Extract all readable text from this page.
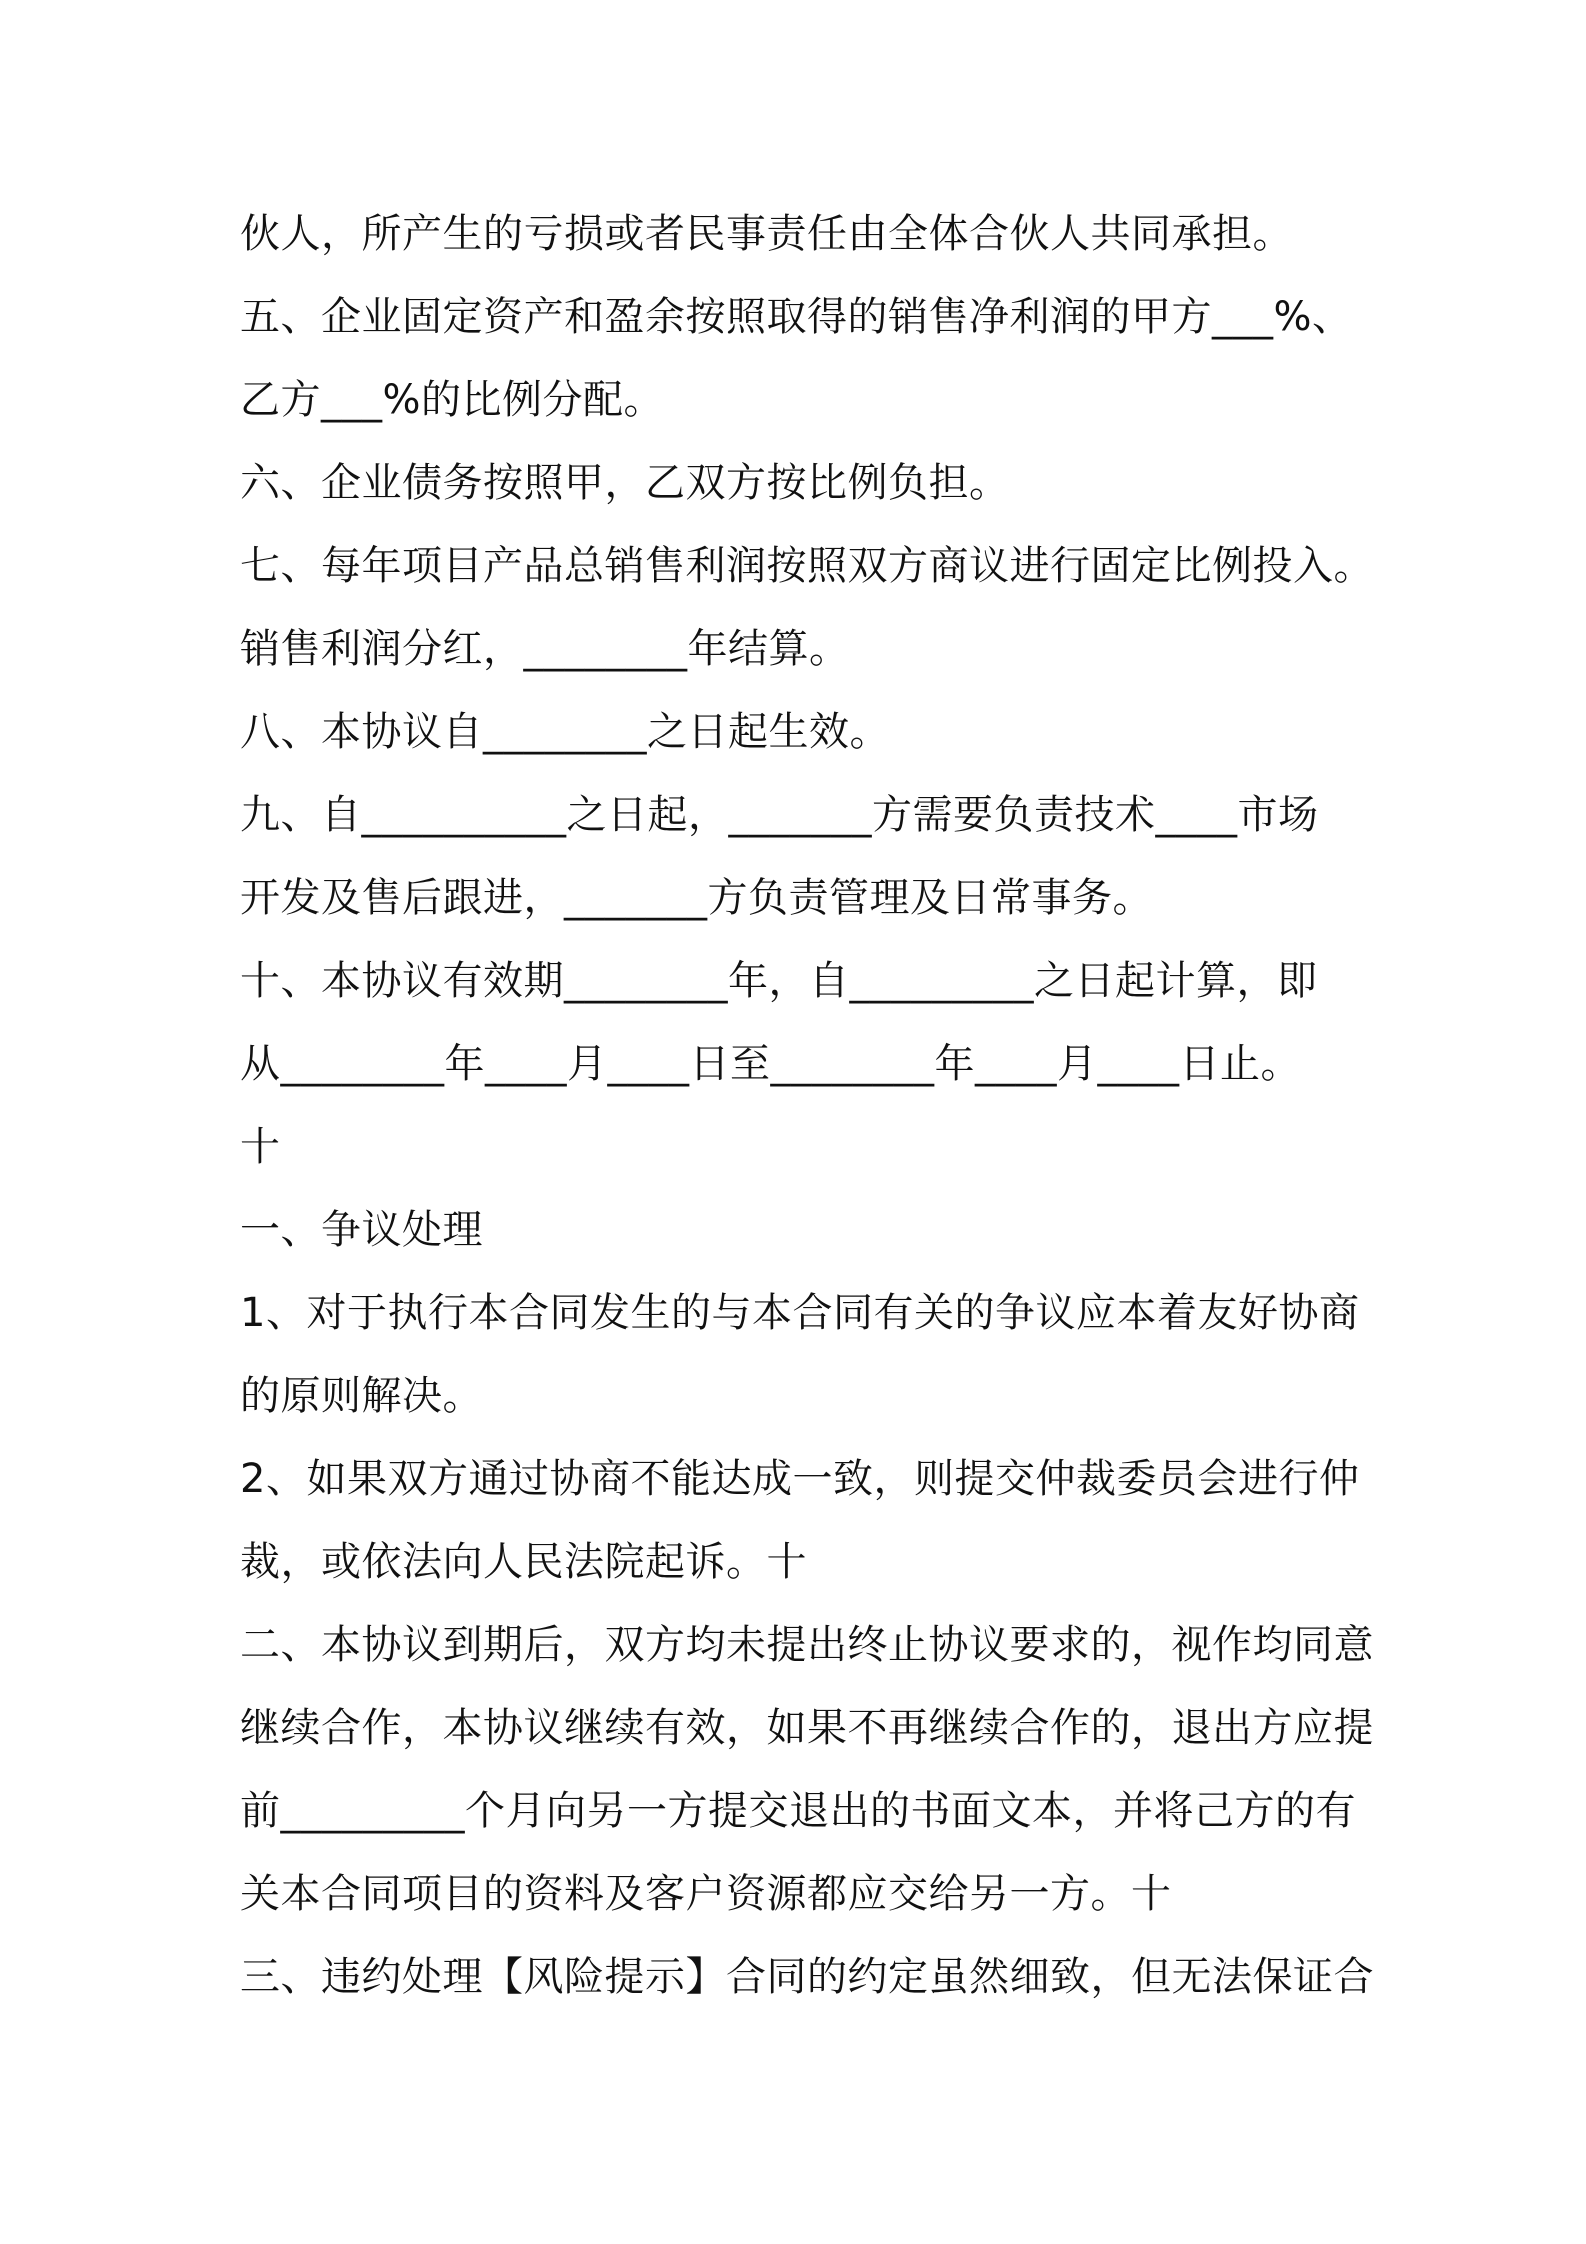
伙人，所产生的亏损或者民事责任由全体合伙人共同承担。
五、企业固定资产和盈余按照取得的销售净利润的甲方___%、
乙方___%的比例分配。
六、企业债务按照甲，乙双方按比例负担。
七、每年项目产品总销售利润按照双方商议进行固定比例投入。
销售利润分红，________年结算。
八、本协议自________之日起生效。
九、自__________之日起，_______方需要负责技术____市场
开发及售后跟进，_______方负责管理及日常事务。
十、本协议有效期________年，自_________之日起计算，即
从________年____月____日至________年____月____日止。
十
一、争议处理
1、对于执行本合同发生的与本合同有关的争议应本着友好协商
的原则解决。
2、如果双方通过协商不能达成一致，则提交仲裁委员会进行仲
裁，或依法向人民法院起诉。十
二、本协议到期后，双方均未提出终止协议要求的，视作均同意
继续合作，本协议继续有效，如果不再继续合作的，退出方应提
前_________个月向另一方提交退出的书面文本，并将己方的有
关本合同项目的资料及客户资源都应交给另一方。十
三、违约处理【风险提示】合同的约定虽然细致，但无法保证合
